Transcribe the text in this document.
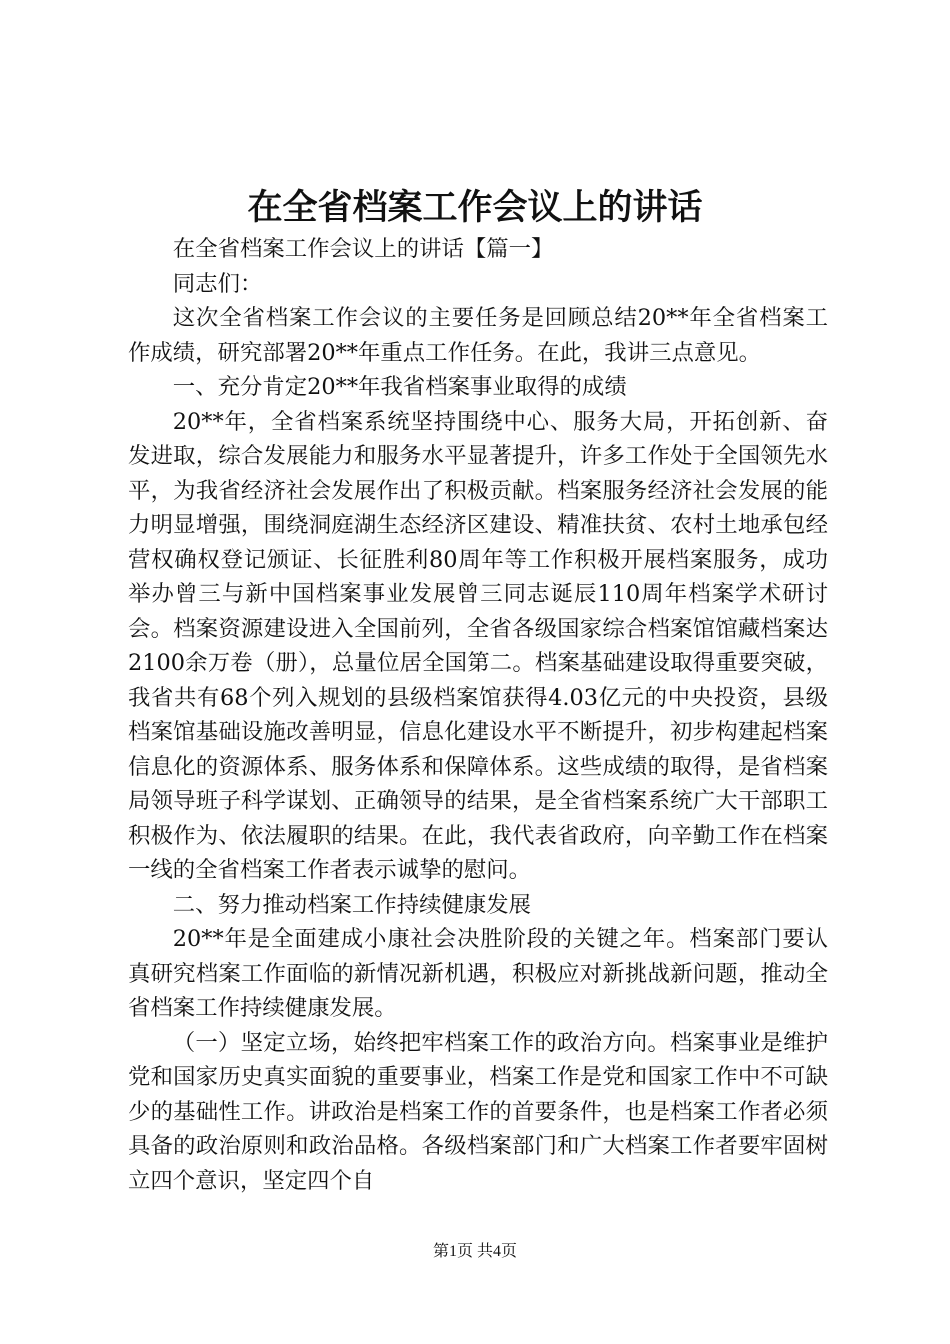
在全省档案工作会议上的讲话

在全省档案工作会议上的讲话【篇一】

同志们：

这次全省档案工作会议的主要任务是回顾总结20**年全省档案工作成绩，研究部署20**年重点工作任务。在此，我讲三点意见。

一、充分肯定20**年我省档案事业取得的成绩

20**年，全省档案系统坚持围绕中心、服务大局，开拓创新、奋发进取，综合发展能力和服务水平显著提升，许多工作处于全国领先水平，为我省经济社会发展作出了积极贡献。档案服务经济社会发展的能力明显增强，围绕洞庭湖生态经济区建设、精准扶贫、农村土地承包经营权确权登记颁证、长征胜利80周年等工作积极开展档案服务，成功举办曾三与新中国档案事业发展曾三同志诞辰110周年档案学术研讨会。档案资源建设进入全国前列，全省各级国家综合档案馆馆藏档案达2100余万卷（册），总量位居全国第二。档案基础建设取得重要突破，我省共有68个列入规划的县级档案馆获得4.03亿元的中央投资，县级档案馆基础设施改善明显，信息化建设水平不断提升，初步构建起档案信息化的资源体系、服务体系和保障体系。这些成绩的取得，是省档案局领导班子科学谋划、正确领导的结果，是全省档案系统广大干部职工积极作为、依法履职的结果。在此，我代表省政府，向辛勤工作在档案一线的全省档案工作者表示诚挚的慰问。

二、努力推动档案工作持续健康发展

20**年是全面建成小康社会决胜阶段的关键之年。档案部门要认真研究档案工作面临的新情况新机遇，积极应对新挑战新问题，推动全省档案工作持续健康发展。

（一）坚定立场，始终把牢档案工作的政治方向。档案事业是维护党和国家历史真实面貌的重要事业，档案工作是党和国家工作中不可缺少的基础性工作。讲政治是档案工作的首要条件，也是档案工作者必须具备的政治原则和政治品格。各级档案部门和广大档案工作者要牢固树立四个意识，坚定四个自

第1页 共4页
